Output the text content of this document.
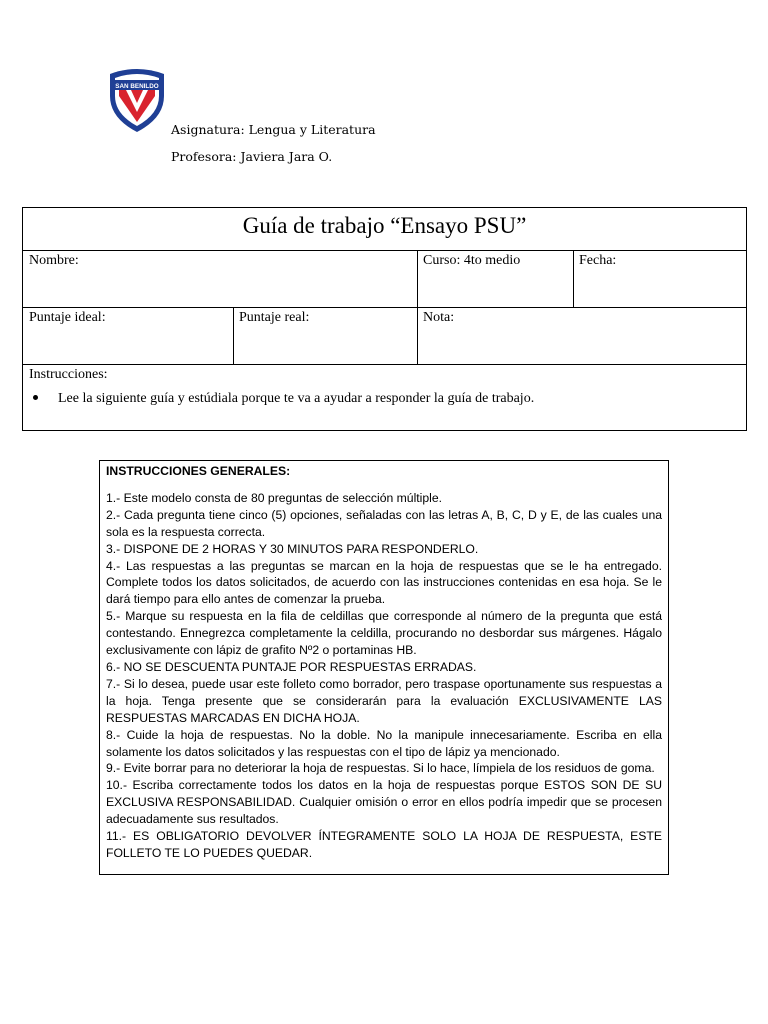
SAN BENILDO
Asignatura: Lengua y Literatura
Profesora: Javiera Jara O.
Guía de trabajo “Ensayo PSU”
Nombre:	Curso: 4to medio	Fecha:
Puntaje ideal:	Puntaje real:	Nota:
Instrucciones:
Lee la siguiente guía y estúdiala porque te va a ayudar a responder la guía de trabajo.
INSTRUCCIONES GENERALES:

1.- Este modelo consta de 80 preguntas de selección múltiple.

2.- Cada pregunta tiene cinco (5) opciones, señaladas con las letras A, B, C, D y E, de las cuales una sola es la respuesta correcta.

3.- DISPONE DE 2 HORAS Y 30 MINUTOS PARA RESPONDERLO.

4.- Las respuestas a las preguntas se marcan en la hoja de respuestas que se le ha entregado. Complete todos los datos solicitados, de acuerdo con las instrucciones contenidas en esa hoja. Se le dará tiempo para ello antes de comenzar la prueba.

5.- Marque su respuesta en la fila de celdillas que corresponde al número de la pregunta que está contestando. Ennegrezca completamente la celdilla, procurando no desbordar sus márgenes. Hágalo exclusivamente con lápiz de grafito Nº2 o portaminas HB.

6.- NO SE DESCUENTA PUNTAJE POR RESPUESTAS ERRADAS.

7.- Si lo desea, puede usar este folleto como borrador, pero traspase oportunamente sus respuestas a la hoja. Tenga presente que se considerarán para la evaluación EXCLUSIVAMENTE LAS RESPUESTAS MARCADAS EN DICHA HOJA.

8.- Cuide la hoja de respuestas. No la doble. No la manipule innecesariamente. Escriba en ella solamente los datos solicitados y las respuestas con el tipo de lápiz ya mencionado.

9.- Evite borrar para no deteriorar la hoja de respuestas. Si lo hace, límpiela de los residuos de goma.

10.- Escriba correctamente todos los datos en la hoja de respuestas porque ESTOS SON DE SU EXCLUSIVA RESPONSABILIDAD. Cualquier omisión o error en ellos podría impedir que se procesen adecuadamente sus resultados.

11.- ES OBLIGATORIO DEVOLVER ÍNTEGRAMENTE SOLO LA HOJA DE RESPUESTA, ESTE FOLLETO TE LO PUEDES QUEDAR.
